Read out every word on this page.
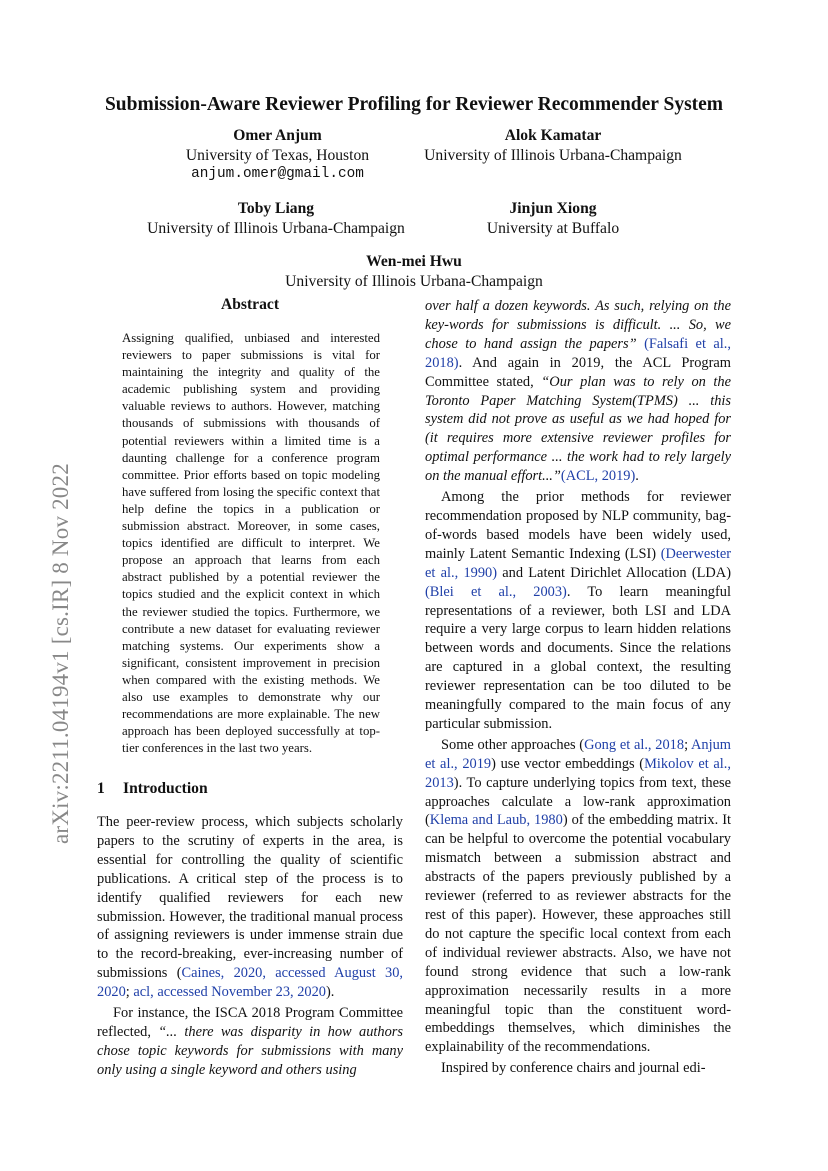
arXiv:2211.04194v1 [cs.IR] 8 Nov 2022
Submission-Aware Reviewer Profiling for Reviewer Recommender System
Omer Anjum
University of Texas, Houston
anjum.omer@gmail.com
Alok Kamatar
University of Illinois Urbana-Champaign
Toby Liang
University of Illinois Urbana-Champaign
Jinjun Xiong
University at Buffalo
Wen-mei Hwu
University of Illinois Urbana-Champaign
Abstract

Assigning qualified, unbiased and interested reviewers to paper submissions is vital for maintaining the integrity and quality of the academic publishing system and providing valuable reviews to authors. However, matching thousands of submissions with thousands of potential reviewers within a limited time is a daunting challenge for a conference program committee. Prior efforts based on topic modeling have suffered from losing the specific context that help define the topics in a publication or submission abstract. Moreover, in some cases, topics identified are difficult to interpret. We propose an approach that learns from each abstract published by a potential reviewer the topics studied and the explicit context in which the reviewer studied the topics. Furthermore, we contribute a new dataset for evaluating reviewer matching systems. Our experiments show a significant, consistent improvement in precision when compared with the existing methods. We also use examples to demonstrate why our recommendations are more explainable. The new approach has been deployed successfully at top-tier conferences in the last two years.

1 Introduction

The peer-review process, which subjects scholarly papers to the scrutiny of experts in the area, is essential for controlling the quality of scientific publications. A critical step of the process is to identify qualified reviewers for each new submission. However, the traditional manual process of assigning reviewers is under immense strain due to the record-breaking, ever-increasing number of submissions (Caines, 2020, accessed August 30, 2020; acl, accessed November 23, 2020).

For instance, the ISCA 2018 Program Committee reflected, “... there was disparity in how authors chose topic keywords for submissions with many only using a single keyword and others using

over half a dozen keywords. As such, relying on the key-words for submissions is difficult. ... So, we chose to hand assign the papers” (Falsafi et al., 2018). And again in 2019, the ACL Program Committee stated, “Our plan was to rely on the Toronto Paper Matching System(TPMS) ... this system did not prove as useful as we had hoped for (it requires more extensive reviewer profiles for optimal performance ... the work had to rely largely on the manual effort...”(ACL, 2019).

Among the prior methods for reviewer recommendation proposed by NLP community, bag-of-words based models have been widely used, mainly Latent Semantic Indexing (LSI) (Deerwester et al., 1990) and Latent Dirichlet Allocation (LDA) (Blei et al., 2003). To learn meaningful representations of a reviewer, both LSI and LDA require a very large corpus to learn hidden relations between words and documents. Since the relations are captured in a global context, the resulting reviewer representation can be too diluted to be meaningfully compared to the main focus of any particular submission.

Some other approaches (Gong et al., 2018; Anjum et al., 2019) use vector embeddings (Mikolov et al., 2013). To capture underlying topics from text, these approaches calculate a low-rank approximation (Klema and Laub, 1980) of the embedding matrix. It can be helpful to overcome the potential vocabulary mismatch between a submission abstract and abstracts of the papers previously published by a reviewer (referred to as reviewer abstracts for the rest of this paper). However, these approaches still do not capture the specific local context from each of individual reviewer abstracts. Also, we have not found strong evidence that such a low-rank approximation necessarily results in a more meaningful topic than the constituent word-embeddings themselves, which diminishes the explainability of the recommendations.

Inspired by conference chairs and journal edi-
